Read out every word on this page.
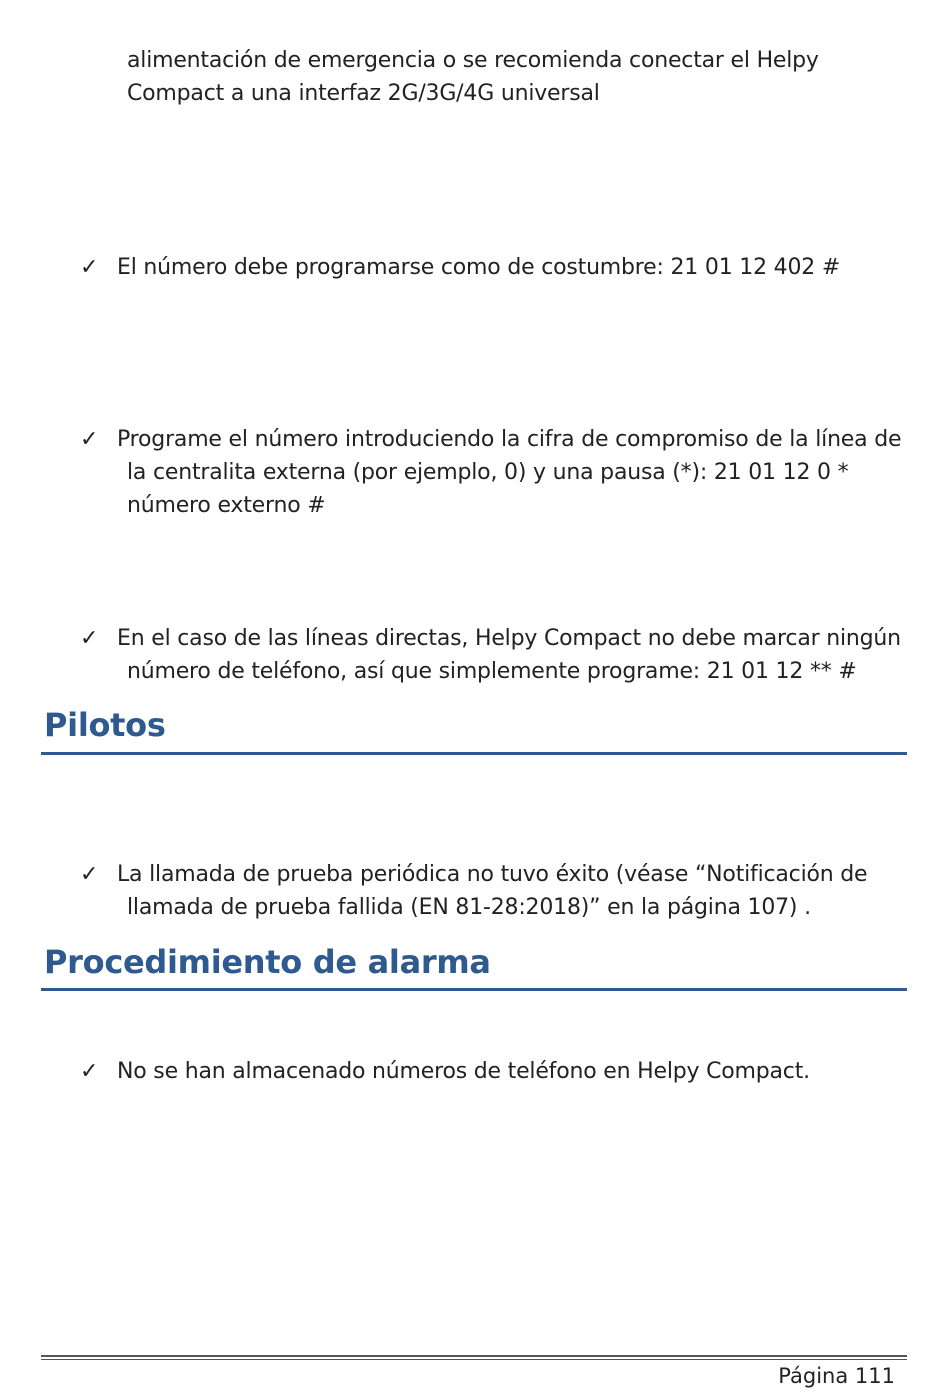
alimentación de emergencia o se recomienda conectar el Helpy
Compact a una interfaz 2G/3G/4G universal
✓ El número debe programarse como de costumbre: 21 01 12 402 #
✓ Programe el número introduciendo la cifra de compromiso de la línea de
la centralita externa (por ejemplo, 0) y una pausa (*): 21 01 12 0 *
número externo #
✓ En el caso de las líneas directas, Helpy Compact no debe marcar ningún
número de teléfono, así que simplemente programe: 21 01 12 ** #
Pilotos
✓ La llamada de prueba periódica no tuvo éxito (véase “Notificación de
llamada de prueba fallida (EN 81-28:2018)” en la página 107) .
Procedimiento de alarma
✓ No se han almacenado números de teléfono en Helpy Compact.
Página 111
